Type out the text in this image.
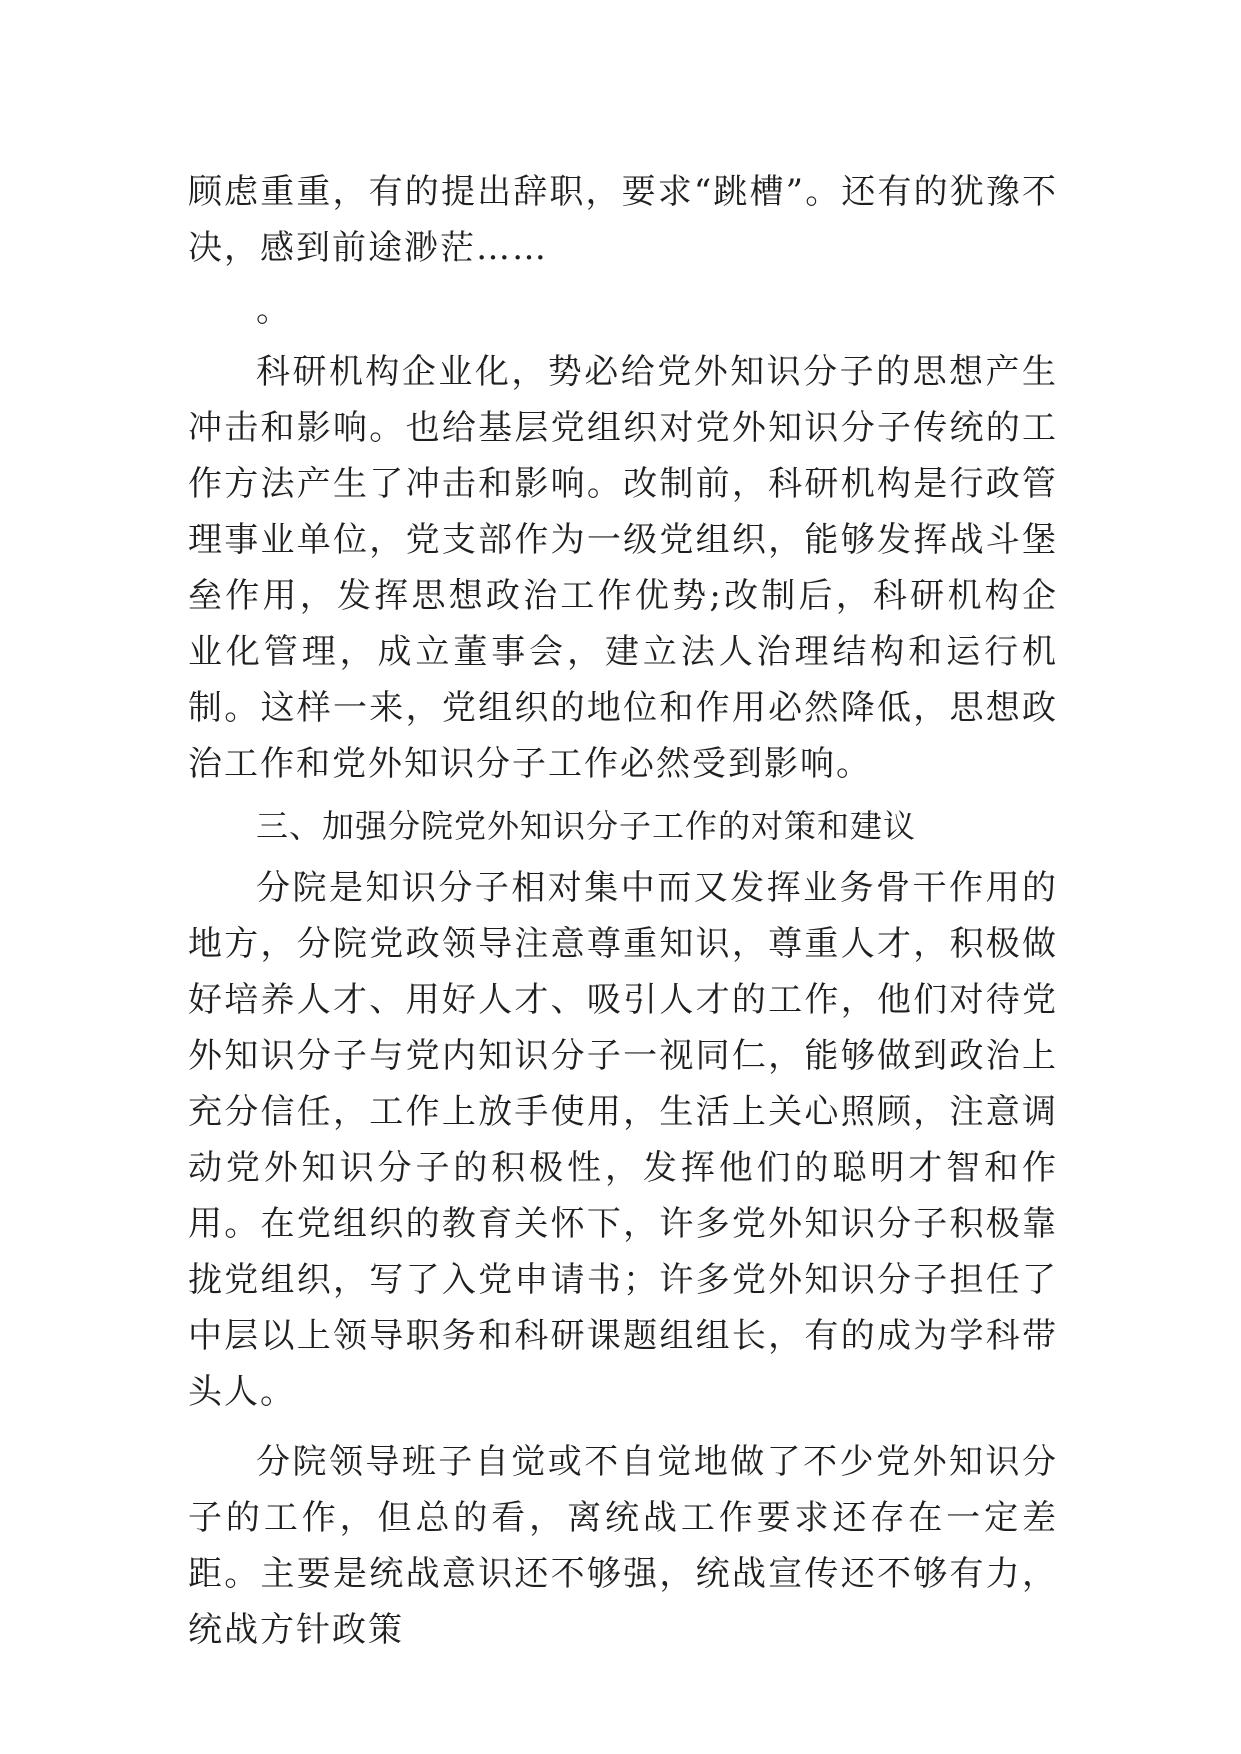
顾虑重重，有的提出辞职，要求“跳槽”。还有的犹豫不决，感到前途渺茫……

。

科研机构企业化，势必给党外知识分子的思想产生冲击和影响。也给基层党组织对党外知识分子传统的工作方法产生了冲击和影响。改制前，科研机构是行政管理事业单位，党支部作为一级党组织，能够发挥战斗堡垒作用，发挥思想政治工作优势;改制后，科研机构企业化管理，成立董事会，建立法人治理结构和运行机制。这样一来，党组织的地位和作用必然降低，思想政治工作和党外知识分子工作必然受到影响。

三、加强分院党外知识分子工作的对策和建议

分院是知识分子相对集中而又发挥业务骨干作用的地方，分院党政领导注意尊重知识，尊重人才，积极做好培养人才、用好人才、吸引人才的工作，他们对待党外知识分子与党内知识分子一视同仁，能够做到政治上充分信任，工作上放手使用，生活上关心照顾，注意调动党外知识分子的积极性，发挥他们的聪明才智和作用。在党组织的教育关怀下，许多党外知识分子积极靠拢党组织，写了入党申请书；许多党外知识分子担任了中层以上领导职务和科研课题组组长，有的成为学科带头人。

分院领导班子自觉或不自觉地做了不少党外知识分子的工作，但总的看，离统战工作要求还存在一定差距。主要是统战意识还不够强，统战宣传还不够有力，统战方针政策
